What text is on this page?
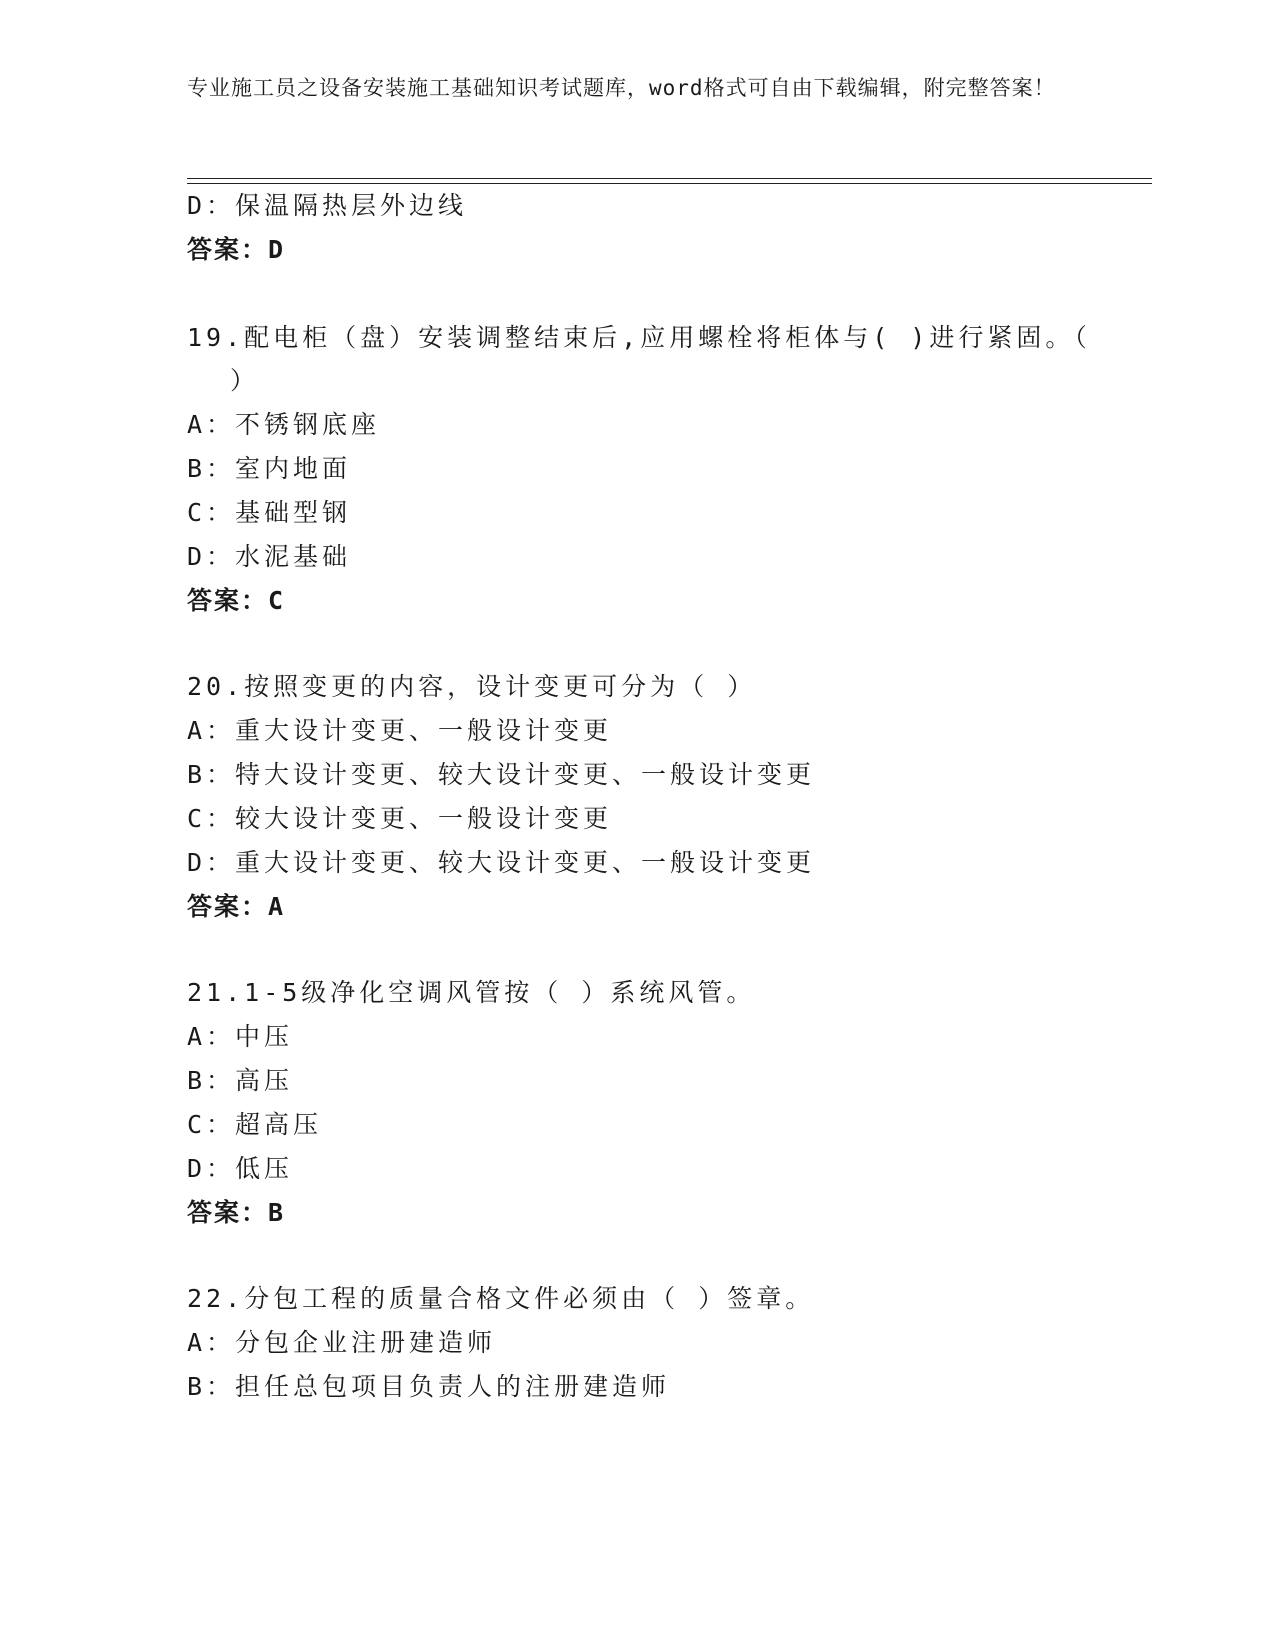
专业施工员之设备安装施工基础知识考试题库，word格式可自由下载编辑，附完整答案！
D：保温隔热层外边线
答案：D
19.配电柜（盘）安装调整结束后,应用螺栓将柜体与( )进行紧固。（
）
A：不锈钢底座
B：室内地面
C：基础型钢
D：水泥基础
答案：C
20.按照变更的内容，设计变更可分为（ ）
A：重大设计变更、一般设计变更
B：特大设计变更、较大设计变更、一般设计变更
C：较大设计变更、一般设计变更
D：重大设计变更、较大设计变更、一般设计变更
答案：A
21.1-5级净化空调风管按（ ）系统风管。
A：中压
B：高压
C：超高压
D：低压
答案：B
22.分包工程的质量合格文件必须由（ ）签章。
A：分包企业注册建造师
B：担任总包项目负责人的注册建造师
